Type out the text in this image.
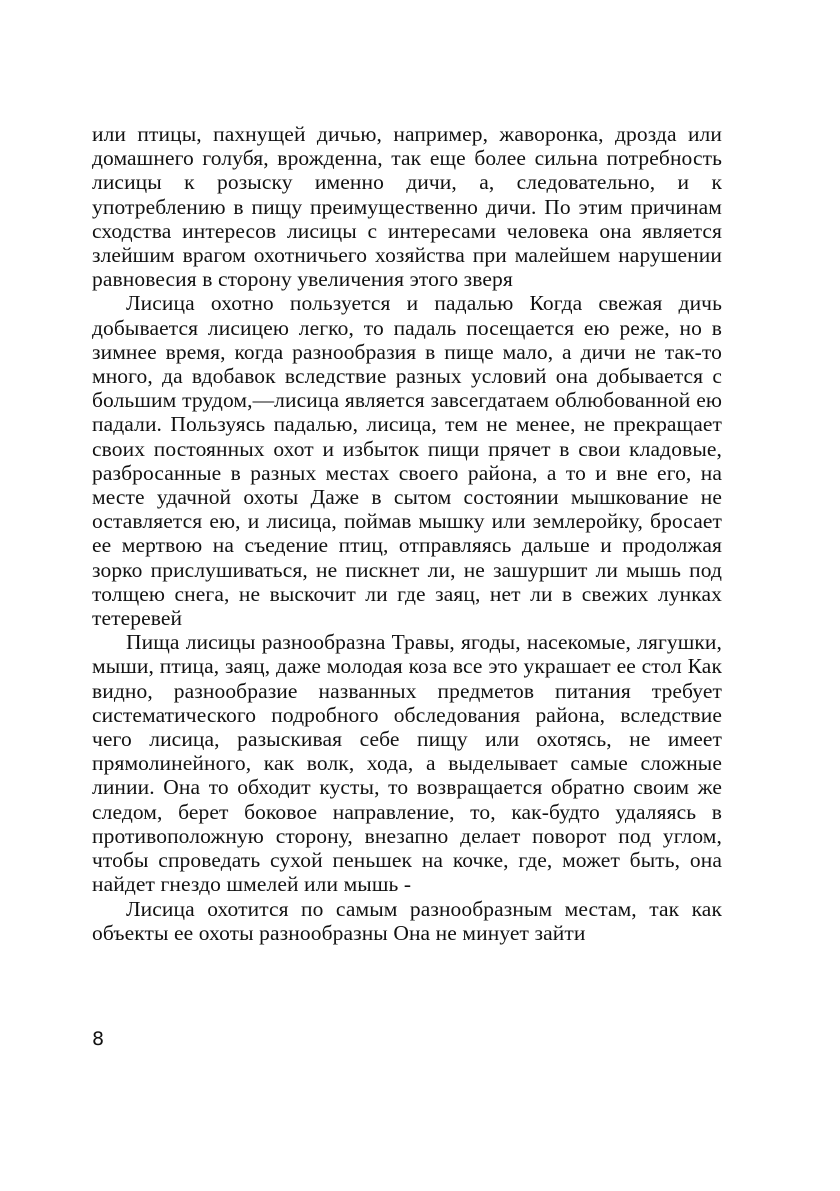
или птицы, пахнущей дичью, например, жаворонка, дрозда или домашнего голубя, врожденна, так еще более сильна потребность лисицы к розыску именно дичи, а, следовательно, и к употреблению в пищу преимущественно дичи. По этим причинам сходства интересов лисицы с интересами человека она является злейшим врагом охотничьего хозяйства при малейшем нарушении равновесия в сторону увеличения этого зверя

Лисица охотно пользуется и падалью Когда свежая дичь добывается лисицею легко, то падаль посещается ею реже, но в зимнее время, когда разнообразия в пище мало, а дичи не так-то много, да вдобавок вследствие разных условий она добывается с большим трудом,—лисица является завсегдатаем облюбованной ею падали. Пользуясь падалью, лисица, тем не менее, не прекращает своих постоянных охот и избыток пищи прячет в свои кладовые, разбросанные в разных местах своего района, а то и вне его, на месте удачной охоты Даже в сытом состоянии мышкование не оставляется ею, и лисица, поймав мышку или землеройку, бросает ее мертвою на съедение птиц, отправляясь дальше и продолжая зорко прислушиваться, не пискнет ли, не зашуршит ли мышь под толщею снега, не выскочит ли где заяц, нет ли в свежих лунках тетеревей

Пища лисицы разнообразна Травы, ягоды, насекомые, лягушки, мыши, птица, заяц, даже молодая коза все это украшает ее стол Как видно, разнообразие названных предметов питания требует систематического подробного обследования района, вследствие чего лисица, разыскивая себе пищу или охотясь, не имеет прямолинейного, как волк, хода, а выделывает самые сложные линии. Она то обходит кусты, то возвращается обратно своим же следом, берет боковое направление, то, как-будто удаляясь в противоположную сторону, внезапно делает поворот под углом, чтобы спроведать сухой пеньшек на кочке, где, может быть, она найдет гнездо шмелей или мышь -

Лисица охотится по самым разнообразным местам, так как объекты ее охоты разнообразны Она не минует зайти

8
